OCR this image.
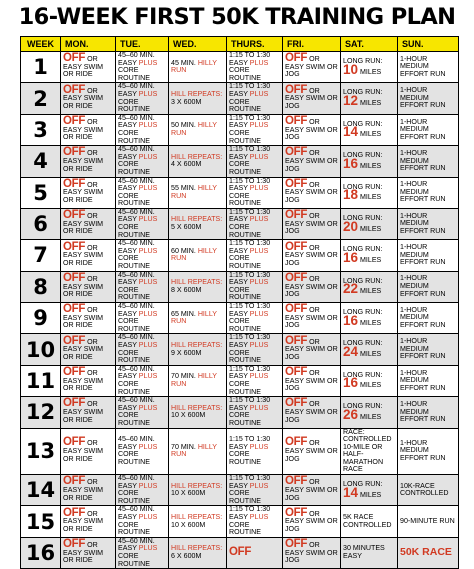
16-WEEK FIRST 50K TRAINING PLAN
WEEK	MON.	TUE.	WED.	THURS.	FRI.	SAT.	SUN.
1	OFF OR EASY SWIM OR RIDE	45–60 MIN. EASY PLUS CORE ROUTINE	45 MIN. HILLY RUN	1:15 TO 1:30 EASY PLUS CORE ROUTINE	OFF OR EASY SWIM OR JOG	LONG RUN: 10 MILES	1-HOUR MEDIUM EFFORT RUN
2	OFF OR EASY SWIM OR RIDE	45–60 MIN. EASY PLUS CORE ROUTINE	HILL REPEATS: 3 X 600M	1:15 TO 1:30 EASY PLUS CORE ROUTINE	OFF OR EASY SWIM OR JOG	LONG RUN: 12 MILES	1-HOUR MEDIUM EFFORT RUN
3	OFF OR EASY SWIM OR RIDE	45–60 MIN. EASY PLUS CORE ROUTINE	50 MIN. HILLY RUN	1:15 TO 1:30 EASY PLUS CORE ROUTINE	OFF OR EASY SWIM OR JOG	LONG RUN: 14 MILES	1-HOUR MEDIUM EFFORT RUN
4	OFF OR EASY SWIM OR RIDE	45–60 MIN. EASY PLUS CORE ROUTINE	HILL REPEATS: 4 X 600M	1:15 TO 1:30 EASY PLUS CORE ROUTINE	OFF OR EASY SWIM OR JOG	LONG RUN: 16 MILES	1-HOUR MEDIUM EFFORT RUN
5	OFF OR EASY SWIM OR RIDE	45–60 MIN. EASY PLUS CORE ROUTINE	55 MIN. HILLY RUN	1:15 TO 1:30 EASY PLUS CORE ROUTINE	OFF OR EASY SWIM OR JOG	LONG RUN: 18 MILES	1-HOUR MEDIUM EFFORT RUN
6	OFF OR EASY SWIM OR RIDE	45–60 MIN. EASY PLUS CORE ROUTINE	HILL REPEATS: 5 X 600M	1:15 TO 1:30 EASY PLUS CORE ROUTINE	OFF OR EASY SWIM OR JOG	LONG RUN: 20 MILES	1-HOUR MEDIUM EFFORT RUN
7	OFF OR EASY SWIM OR RIDE	45–60 MIN. EASY PLUS CORE ROUTINE	60 MIN. HILLY RUN	1:15 TO 1:30 EASY PLUS CORE ROUTINE	OFF OR EASY SWIM OR JOG	LONG RUN: 16 MILES	1-HOUR MEDIUM EFFORT RUN
8	OFF OR EASY SWIM OR RIDE	45–60 MIN. EASY PLUS CORE ROUTINE	HILL REPEATS: 8 X 600M	1:15 TO 1:30 EASY PLUS CORE ROUTINE	OFF OR EASY SWIM OR JOG	LONG RUN: 22 MILES	1-HOUR MEDIUM EFFORT RUN
9	OFF OR EASY SWIM OR RIDE	45–60 MIN. EASY PLUS CORE ROUTINE	65 MIN. HILLY RUN	1:15 TO 1:30 EASY PLUS CORE ROUTINE	OFF OR EASY SWIM OR JOG	LONG RUN: 16 MILES	1-HOUR MEDIUM EFFORT RUN
10	OFF OR EASY SWIM OR RIDE	45–60 MIN. EASY PLUS CORE ROUTINE	HILL REPEATS: 9 X 600M	1:15 TO 1:30 EASY PLUS CORE ROUTINE	OFF OR EASY SWIM OR JOG	LONG RUN: 24 MILES	1-HOUR MEDIUM EFFORT RUN
11	OFF OR EASY SWIM OR RIDE	45–60 MIN. EASY PLUS CORE ROUTINE	70 MIN. HILLY RUN	1:15 TO 1:30 EASY PLUS CORE ROUTINE	OFF OR EASY SWIM OR JOG	LONG RUN: 16 MILES	1-HOUR MEDIUM EFFORT RUN
12	OFF OR EASY SWIM OR RIDE	45–60 MIN. EASY PLUS CORE ROUTINE	HILL REPEATS: 10 X 600M	1:15 TO 1:30 EASY PLUS CORE ROUTINE	OFF OR EASY SWIM OR JOG	LONG RUN: 26 MILES	1-HOUR MEDIUM EFFORT RUN
13	OFF OR EASY SWIM OR RIDE	45–60 MIN. EASY PLUS CORE ROUTINE	70 MIN. HILLY RUN	1:15 TO 1:30 EASY PLUS CORE ROUTINE	OFF OR EASY SWIM OR JOG	RACE: CONTROLLED 10-MILE OR HALF-MARATHON RACE	1-HOUR MEDIUM EFFORT RUN
14	OFF OR EASY SWIM OR RIDE	45–60 MIN. EASY PLUS CORE ROUTINE	HILL REPEATS: 10 X 600M	1:15 TO 1:30 EASY PLUS CORE ROUTINE	OFF OR EASY SWIM OR JOG	LONG RUN: 14 MILES	10K-RACE CONTROLLED
15	OFF OR EASY SWIM OR RIDE	45–60 MIN. EASY PLUS CORE ROUTINE	HILL REPEATS: 10 X 600M	1:15 TO 1:30 EASY PLUS CORE ROUTINE	OFF OR EASY SWIM OR JOG	5K RACE CONTROLLED	90-MINUTE RUN
16	OFF OR EASY SWIM OR RIDE	45–60 MIN. EASY PLUS CORE ROUTINE	HILL REPEATS: 6 X 600M	OFF	OFF OR EASY SWIM OR JOG	30 MINUTES EASY	50K RACE
